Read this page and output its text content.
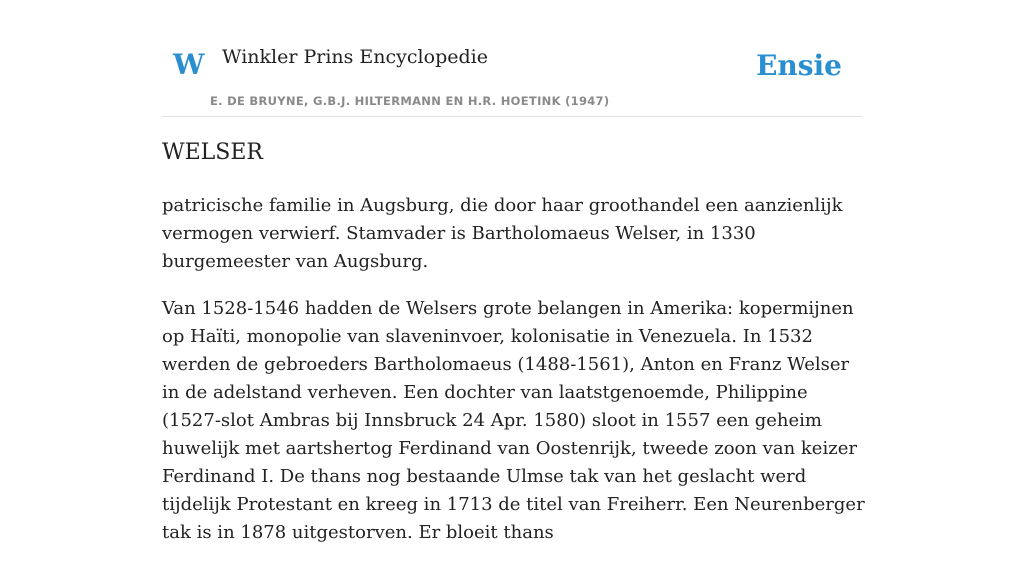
W Winkler Prins Encyclopedie
E. DE BRUYNE, G.B.J. HILTERMANN EN H.R. HOETINK (1947)
Ensie
WELSER

patricische familie in Augsburg, die door haar groothandel een aanzienlijk vermogen verwierf. Stamvader is Bartholomaeus Welser, in 1330 burgemeester van Augsburg.

Van 1528-1546 hadden de Welsers grote belangen in Amerika: kopermijnen op Haïti, monopolie van slaveninvoer, kolonisatie in Venezuela. In 1532 werden de gebroeders Bartholomaeus (1488-1561), Anton en Franz Welser in de adelstand verheven. Een dochter van laatstgenoemde, Philippine (1527-slot Ambras bij Innsbruck 24 Apr. 1580) sloot in 1557 een geheim huwelijk met aartshertog Ferdinand van Oostenrijk, tweede zoon van keizer Ferdinand I. De thans nog bestaande Ulmse tak van het geslacht werd tijdelijk Protestant en kreeg in 1713 de titel van Freiherr. Een Neurenberger tak is in 1878 uitgestorven. Er bloeit thans
